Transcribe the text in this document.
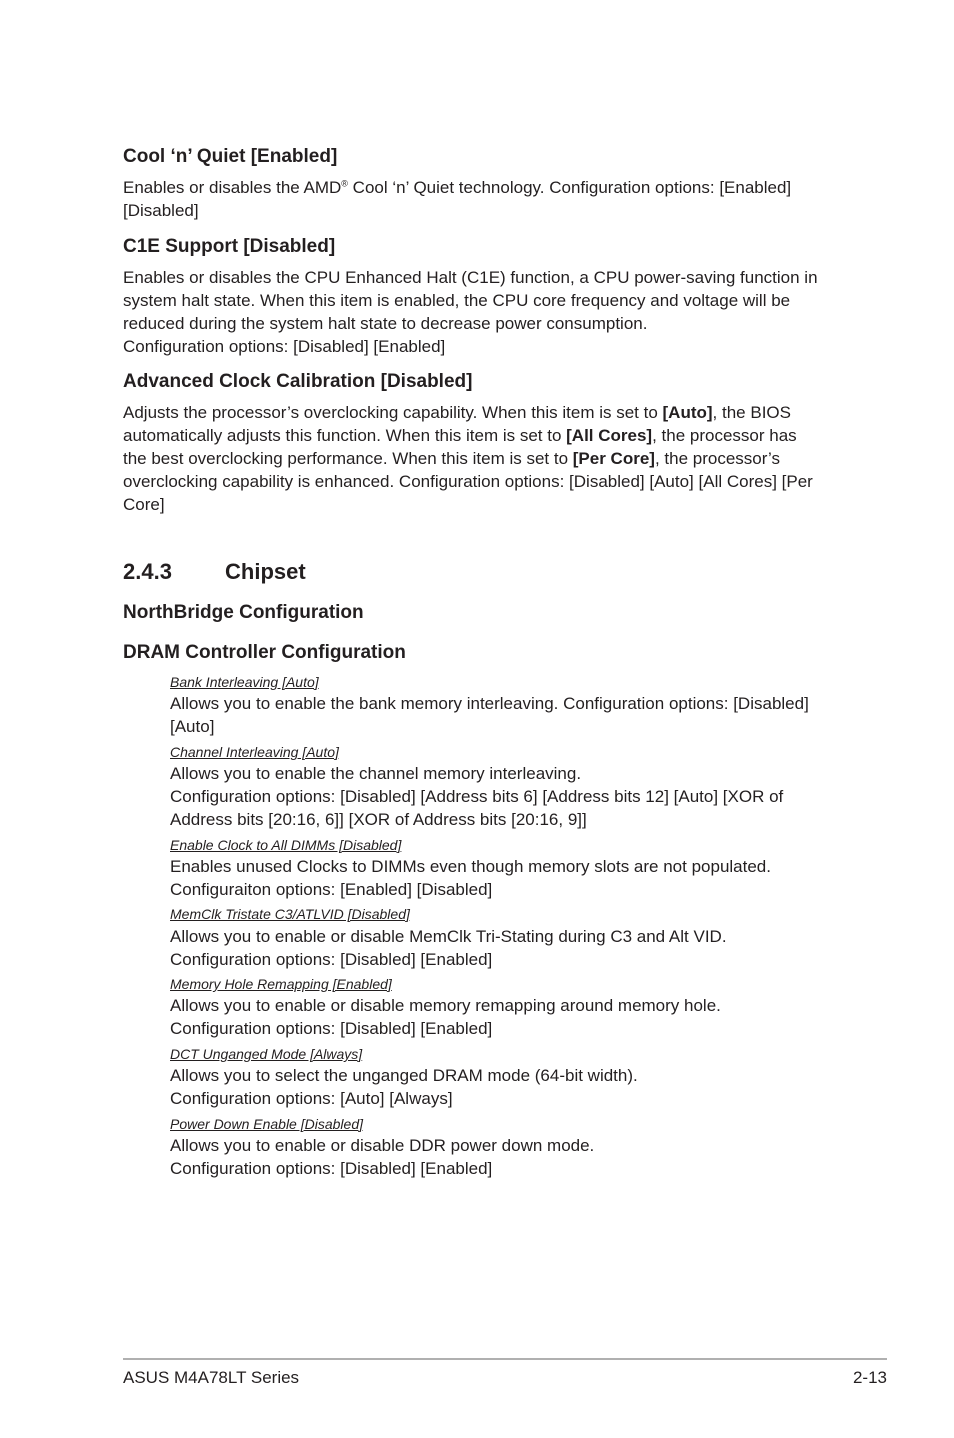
Cool ‘n’ Quiet [Enabled]
Enables or disables the AMD® Cool ‘n’ Quiet technology. Configuration options: [Enabled] [Disabled]
C1E Support [Disabled]
Enables or disables the CPU Enhanced Halt (C1E) function, a CPU power-saving function in system halt state. When this item is enabled, the CPU core frequency and voltage will be reduced during the system halt state to decrease power consumption.
Configuration options: [Disabled] [Enabled]
Advanced Clock Calibration [Disabled]
Adjusts the processor’s overclocking capability. When this item is set to [Auto], the BIOS automatically adjusts this function. When this item is set to [All Cores], the processor has the best overclocking performance. When this item is set to [Per Core], the processor’s overclocking capability is enhanced. Configuration options: [Disabled] [Auto] [All Cores] [Per Core]
2.4.3 Chipset
NorthBridge Configuration
DRAM Controller Configuration
Bank Interleaving [Auto]
Allows you to enable the bank memory interleaving. Configuration options: [Disabled] [Auto]
Channel Interleaving [Auto]
Allows you to enable the channel memory interleaving.
Configuration options: [Disabled] [Address bits 6] [Address bits 12] [Auto] [XOR of Address bits [20:16, 6]] [XOR of Address bits [20:16, 9]]
Enable Clock to All DIMMs [Disabled]
Enables unused Clocks to DIMMs even though memory slots are not populated.
Configuraiton options: [Enabled] [Disabled]
MemClk Tristate C3/ATLVID [Disabled]
Allows you to enable or disable MemClk Tri-Stating during C3 and Alt VID.
Configuration options: [Disabled] [Enabled]
Memory Hole Remapping [Enabled]
Allows you to enable or disable memory remapping around memory hole.
Configuration options: [Disabled] [Enabled]
DCT Unganged Mode [Always]
Allows you to select the unganged DRAM mode (64-bit width).
Configuration options: [Auto] [Always]
Power Down Enable [Disabled]
Allows you to enable or disable DDR power down mode.
Configuration options: [Disabled] [Enabled]
ASUS M4A78LT Series	2-13
